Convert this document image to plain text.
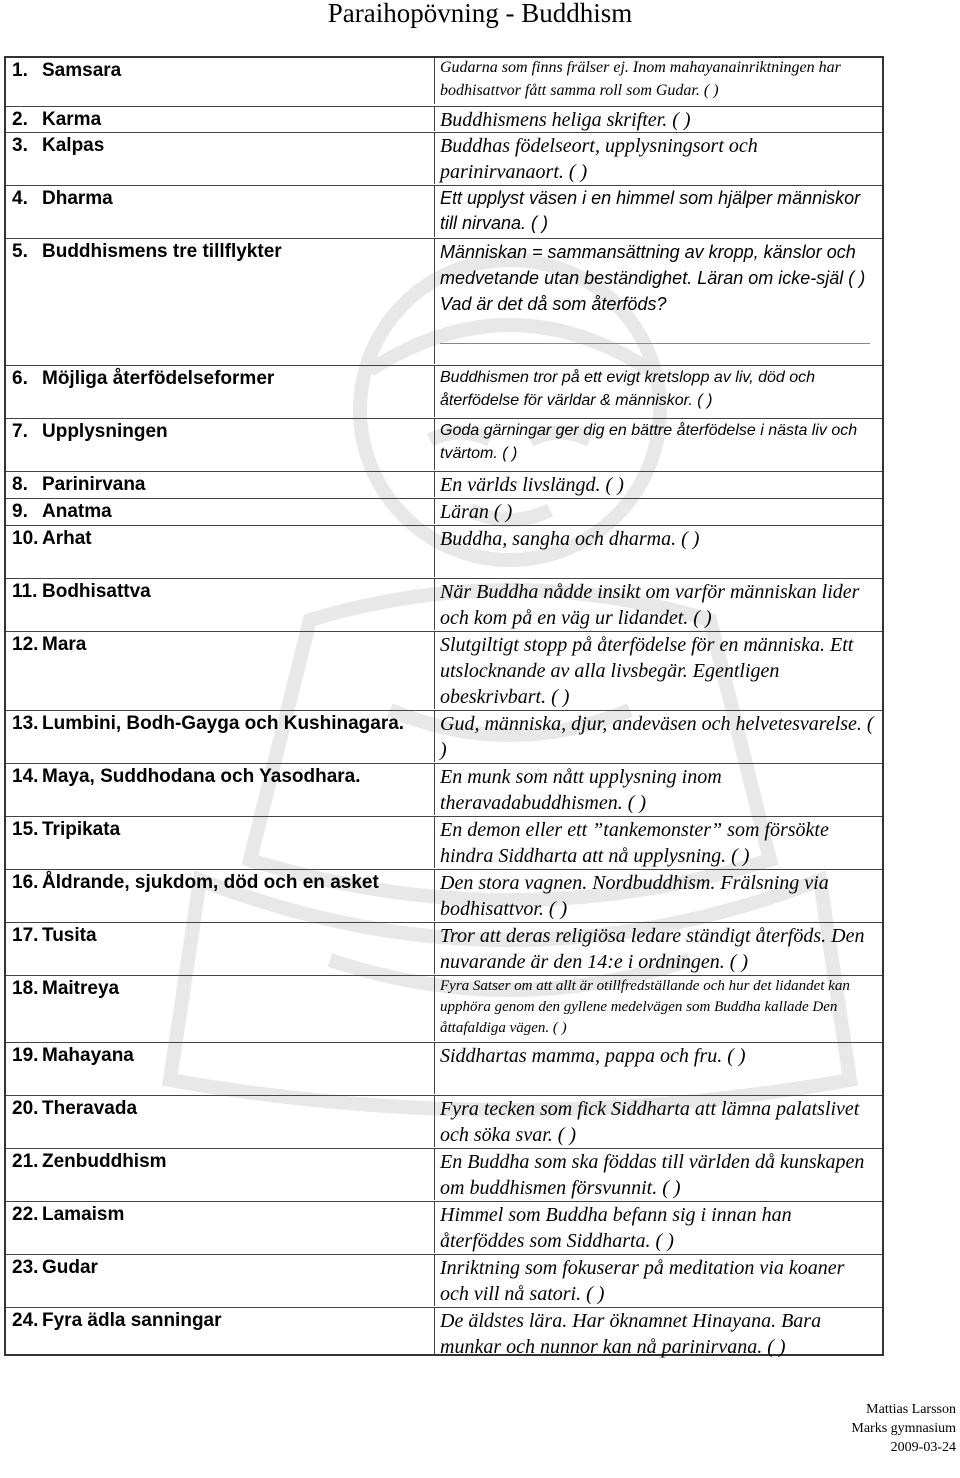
Paraihopövning - Buddhism
1. Samsara	Gudarna som finns frälser ej. Inom mahayanainriktningen har bodhisattvor fått samma roll som Gudar. ( )
2. Karma	Buddhismens heliga skrifter. ( )
3. Kalpas	Buddhas födelseort, upplysningsort och parinirvanaort. ( )
4. Dharma	Ett upplyst väsen i en himmel som hjälper människor till nirvana. ( )
5. Buddhismens tre tillflykter	Människan = sammansättning av kropp, känslor och medvetande utan beständighet. Läran om icke-själ ( ) Vad är det då som återföds?
6. Möjliga återfödelseformer	Buddhismen tror på ett evigt kretslopp av liv, död och återfödelse för världar & människor. ( )
7. Upplysningen	Goda gärningar ger dig en bättre återfödelse i nästa liv och tvärtom. ( )
8. Parinirvana	En världs livslängd. ( )
9. Anatma	Läran ( )
10. Arhat	Buddha, sangha och dharma. ( )
11. Bodhisattva	När Buddha nådde insikt om varför människan lider och kom på en väg ur lidandet. ( )
12. Mara	Slutgiltigt stopp på återfödelse för en människa. Ett utslocknande av alla livsbegär. Egentligen obeskrivbart. ( )
13. Lumbini, Bodh-Gayga och Kushinagara.	Gud, människa, djur, andeväsen och helvetesvarelse. ( )
14. Maya, Suddhodana och Yasodhara.	En munk som nått upplysning inom theravadabuddhismen. ( )
15. Tripikata	En demon eller ett ”tankemonster” som försökte hindra Siddharta att nå upplysning. ( )
16. Åldrande, sjukdom, död och en asket	Den stora vagnen. Nordbuddhism. Frälsning via bodhisattvor. ( )
17. Tusita	Tror att deras religiösa ledare ständigt återföds. Den nuvarande är den 14:e i ordningen. ( )
18. Maitreya	Fyra Satser om att allt är otillfredställande och hur det lidandet kan upphöra genom den gyllene medelvägen som Buddha kallade Den åttafaldiga vägen. ( )
19. Mahayana	Siddhartas mamma, pappa och fru. ( )
20. Theravada	Fyra tecken som fick Siddharta att lämna palatslivet och söka svar. ( )
21. Zenbuddhism	En Buddha som ska föddas till världen då kunskapen om buddhismen försvunnit. ( )
22. Lamaism	Himmel som Buddha befann sig i innan han återföddes som Siddharta. ( )
23. Gudar	Inriktning som fokuserar på meditation via koaner och vill nå satori. ( )
24. Fyra ädla sanningar	De äldstes lära. Har öknamnet Hinayana. Bara munkar och nunnor kan nå parinirvana. ( )
Mattias Larsson
Marks gymnasium
2009-03-24
